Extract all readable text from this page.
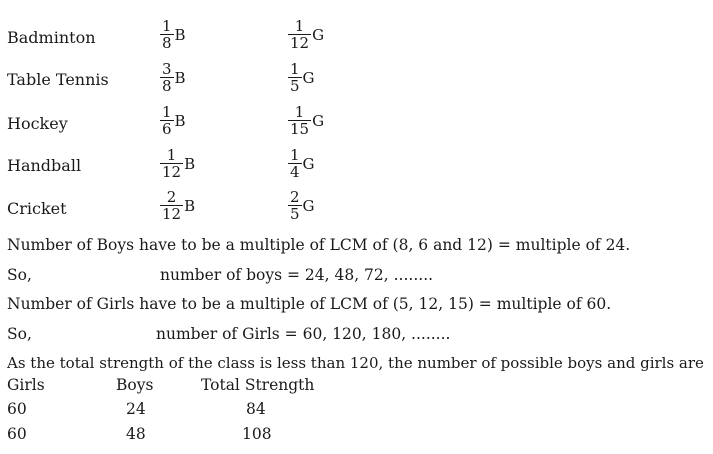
Badminton	$\frac{1}{8}$ B	$\frac{1}{12}$ G
Table Tennis	$\frac{3}{8}$ B	$\frac{1}{5}$ G
Hockey	$\frac{1}{6}$ B	$\frac{1}{15}$ G
Handball	$\frac{1}{12}$ B	$\frac{1}{4}$ G
Cricket	$\frac{2}{12}$ B	$\frac{2}{5}$ G
Number of Boys have to be a multiple of LCM of (8, 6 and 12) = multiple of 24.
So,	number of boys = 24, 48, 72, ........
Number of Girls have to be a multiple of LCM of (5, 12, 15) = multiple of 60.
So,	number of Girls = 60, 120, 180, ........
As the total strength of the class is less than 120, the number of possible boys and girls are
Girls	Boys	Total Strength
60	24	84
60	48	108
